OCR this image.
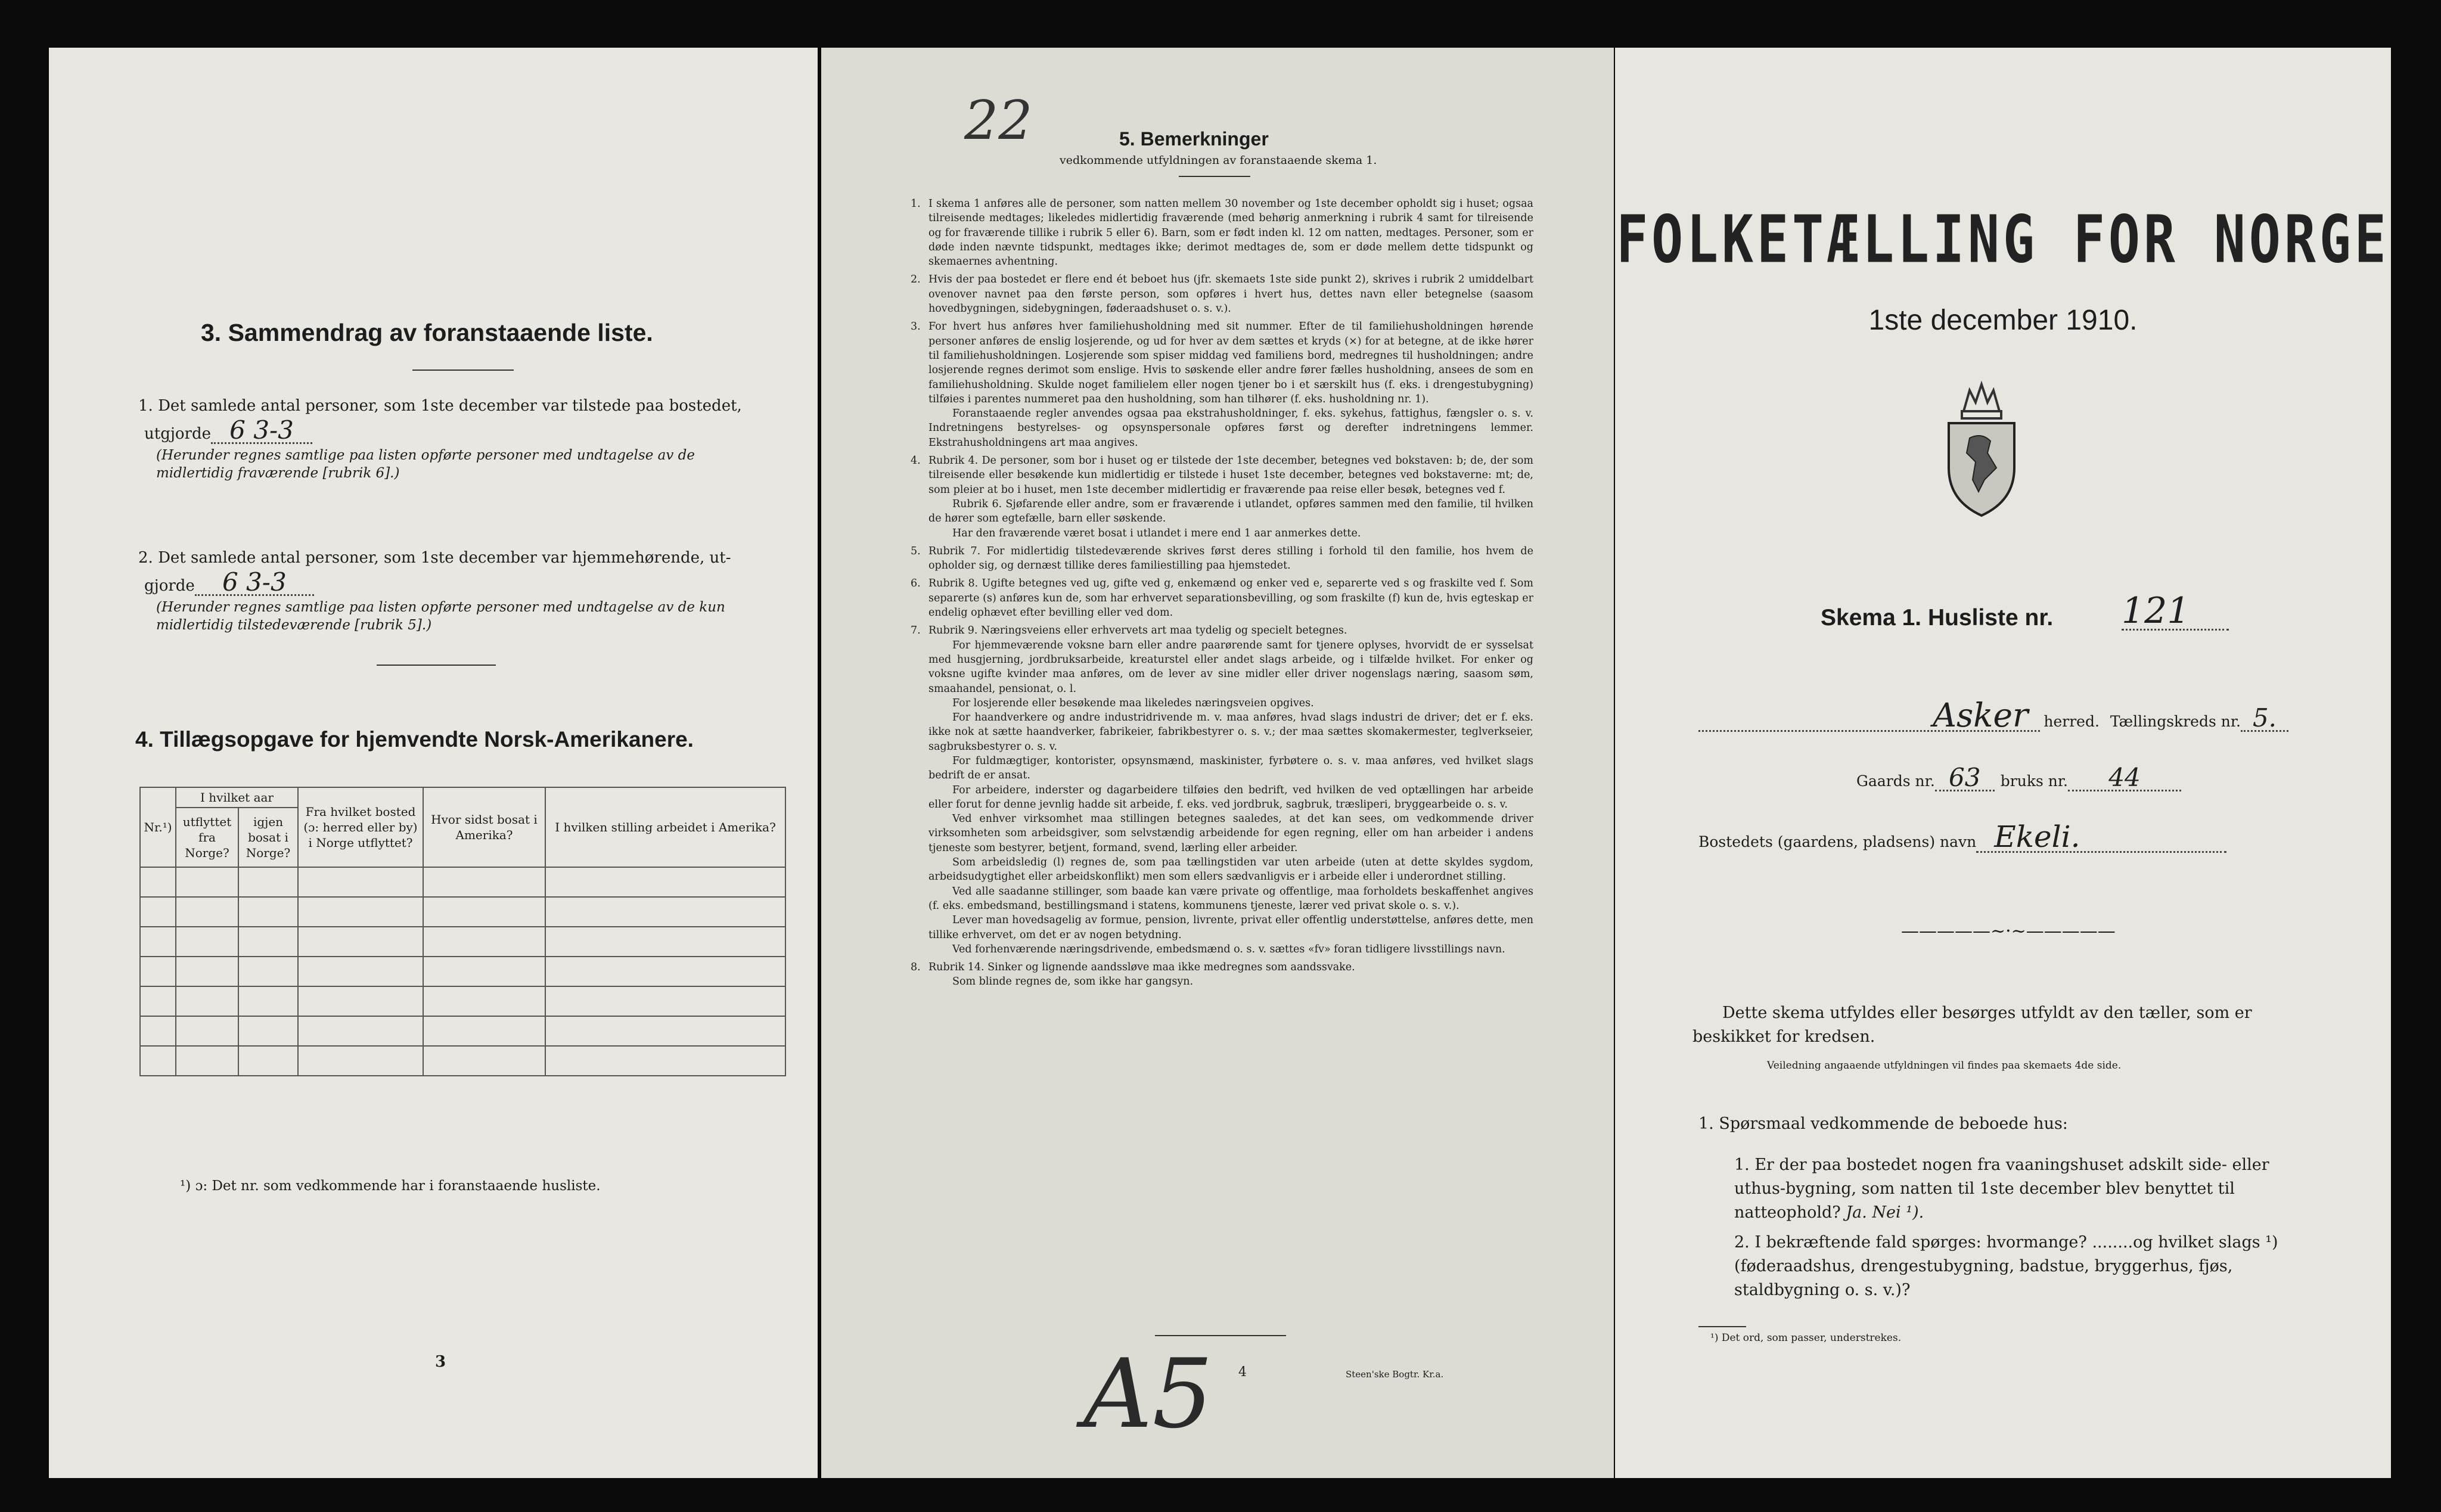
3. Sammendrag av foranstaaende liste.
1. Det samlede antal personer, som 1ste december var tilstede paa bostedet,
utgjorde 6 3-3
(Herunder regnes samtlige paa listen opførte personer med undtagelse av de midlertidig fraværende [rubrik 6].)
2. Det samlede antal personer, som 1ste december var hjemmehørende, ut-
gjorde	6 3-3
(Herunder regnes samtlige paa listen opførte personer med undtagelse av de kun midlertidig tilstedeværende [rubrik 5].)
4. Tillægsopgave for hjemvendte Norsk-Amerikanere.
Nr.¹)	I hvilket aar		Fra hvilket bosted (ɔ: herred eller by) i Norge utflyttet?	Hvor sidst bosat i Amerika?	I hvilken stilling arbeidet i Amerika?
	utflyttet fra Norge?	igjen bosat i Norge?			

¹) ɔ: Det nr. som vedkommende har i foranstaaende husliste.
3
22	5. Bemerkninger
vedkommende utfyldningen av foranstaaende skema 1.
1. I skema 1 anføres alle de personer, som natten mellem 30 november og 1ste december opholdt sig i huset; ogsaa tilreisende medtages; likeledes midlertidig fraværende (med behørig anmerkning i rubrik 4 samt for tilreisende og for fraværende tillike i rubrik 5 eller 6). Barn, som er født inden kl. 12 om natten, medtages. Personer, som er døde inden nævnte tidspunkt, medtages ikke; derimot medtages de, som er døde mellem dette tidspunkt og skemaernes avhentning.
2. Hvis der paa bostedet er flere end ét beboet hus (jfr. skemaets 1ste side punkt 2), skrives i rubrik 2 umiddelbart ovenover navnet paa den første person, som opføres i hvert hus, dettes navn eller betegnelse (saasom hovedbygningen, sidebygningen, føderaadshuset o. s. v.).
3. For hvert hus anføres hver familiehusholdning med sit nummer. Efter de til familiehusholdningen hørende personer anføres de enslig losjerende, og ud for hver av dem sættes et kryds (×) for at betegne, at de ikke hører til familiehusholdningen. Losjerende som spiser middag ved familiens bord, medregnes til husholdningen; andre losjerende regnes derimot som enslige. Hvis to søskende eller andre fører fælles husholdning, ansees de som en familiehusholdning. Skulde noget familielem eller nogen tjener bo i et særskilt hus (f. eks. i drengestubygning) tilføies i parentes nummeret paa den husholdning, som han tilhører (f. eks. husholdning nr. 1).

Foranstaaende regler anvendes ogsaa paa ekstrahusholdninger, f. eks. sykehus, fattighus, fængsler o. s. v. Indretningens bestyrelses- og opsynspersonale opføres først og derefter indretningens lemmer. Ekstrahusholdningens art maa angives.

4. Rubrik 4. De personer, som bor i huset og er tilstede der 1ste december, betegnes ved bokstaven: b; de, der som tilreisende eller besøkende kun midlertidig er tilstede i huset 1ste december, betegnes ved bokstaverne: mt; de, som pleier at bo i huset, men 1ste december midlertidig er fraværende paa reise eller besøk, betegnes ved f.

Rubrik 6. Sjøfarende eller andre, som er fraværende i utlandet, opføres sammen med den familie, til hvilken de hører som egtefælle, barn eller søskende.

Har den fraværende været bosat i utlandet i mere end 1 aar anmerkes dette.

5. Rubrik 7. For midlertidig tilstedeværende skrives først deres stilling i forhold til den familie, hos hvem de opholder sig, og dernæst tillike deres familiestilling paa hjemstedet.
6. Rubrik 8. Ugifte betegnes ved ug, gifte ved g, enkemænd og enker ved e, separerte ved s og fraskilte ved f. Som separerte (s) anføres kun de, som har erhvervet separationsbevilling, og som fraskilte (f) kun de, hvis egteskap er endelig ophævet efter bevilling eller ved dom.
7. Rubrik 9. Næringsveiens eller erhvervets art maa tydelig og specielt betegnes.

For hjemmeværende voksne barn eller andre paarørende samt for tjenere oplyses, hvorvidt de er sysselsat med husgjerning, jordbruksarbeide, kreaturstel eller andet slags arbeide, og i tilfælde hvilket. For enker og voksne ugifte kvinder maa anføres, om de lever av sine midler eller driver nogenslags næring, saasom søm, smaahandel, pensionat, o. l.

For losjerende eller besøkende maa likeledes næringsveien opgives.

For haandverkere og andre industridrivende m. v. maa anføres, hvad slags industri de driver; det er f. eks. ikke nok at sætte haandverker, fabrikeier, fabrikbestyrer o. s. v.; der maa sættes skomakermester, teglverkseier, sagbruksbestyrer o. s. v.

For fuldmægtiger, kontorister, opsynsmænd, maskinister, fyrbøtere o. s. v. maa anføres, ved hvilket slags bedrift de er ansat.

For arbeidere, inderster og dagarbeidere tilføies den bedrift, ved hvilken de ved optællingen har arbeide eller forut for denne jevnlig hadde sit arbeide, f. eks. ved jordbruk, sagbruk, træsliperi, bryggearbeide o. s. v.

Ved enhver virksomhet maa stillingen betegnes saaledes, at det kan sees, om vedkommende driver virksomheten som arbeidsgiver, som selvstændig arbeidende for egen regning, eller om han arbeider i andens tjeneste som bestyrer, betjent, formand, svend, lærling eller arbeider.

Som arbeidsledig (l) regnes de, som paa tællingstiden var uten arbeide (uten at dette skyldes sygdom, arbeidsudygtighet eller arbeidskonflikt) men som ellers sædvanligvis er i arbeide eller i underordnet stilling.

Ved alle saadanne stillinger, som baade kan være private og offentlige, maa forholdets beskaffenhet angives (f. eks. embedsmand, bestillingsmand i statens, kommunens tjeneste, lærer ved privat skole o. s. v.).

Lever man hovedsagelig av formue, pension, livrente, privat eller offentlig understøttelse, anføres dette, men tillike erhvervet, om det er av nogen betydning.

Ved forhenværende næringsdrivende, embedsmænd o. s. v. sættes «fv» foran tidligere livsstillings navn.

8. Rubrik 14. Sinker og lignende aandssløve maa ikke medregnes som aandssvake.

Som blinde regnes de, som ikke har gangsyn.

A5 4	Steen'ske Bogtr. Kr.a.
FOLKETÆLLING FOR NORGE
1ste december 1910.
Skema 1. Husliste nr. 121
Asker	herred. Tællingskreds nr. 5.
Gaards nr. 63	bruks nr.	44
Bostedets (gaardens, pladsens) navn Ekeli.
—————~·~—————
Dette skema utfyldes eller besørges utfyldt av den tæller, som er beskikket for kredsen.
Veiledning angaaende utfyldningen vil findes paa skemaets 4de side.
1. Spørsmaal vedkommende de beboede hus:
1. Er der paa bostedet nogen fra vaaningshuset adskilt side- eller uthus-bygning, som natten til 1ste december blev benyttet til natteophold? Ja. Nei ¹).
2. I bekræftende fald spørges: hvormange? ........og hvilket slags ¹) (føderaadshus, drengestubygning, badstue, bryggerhus, fjøs, staldbygning o. s. v.)?
¹) Det ord, som passer, understrekes.
